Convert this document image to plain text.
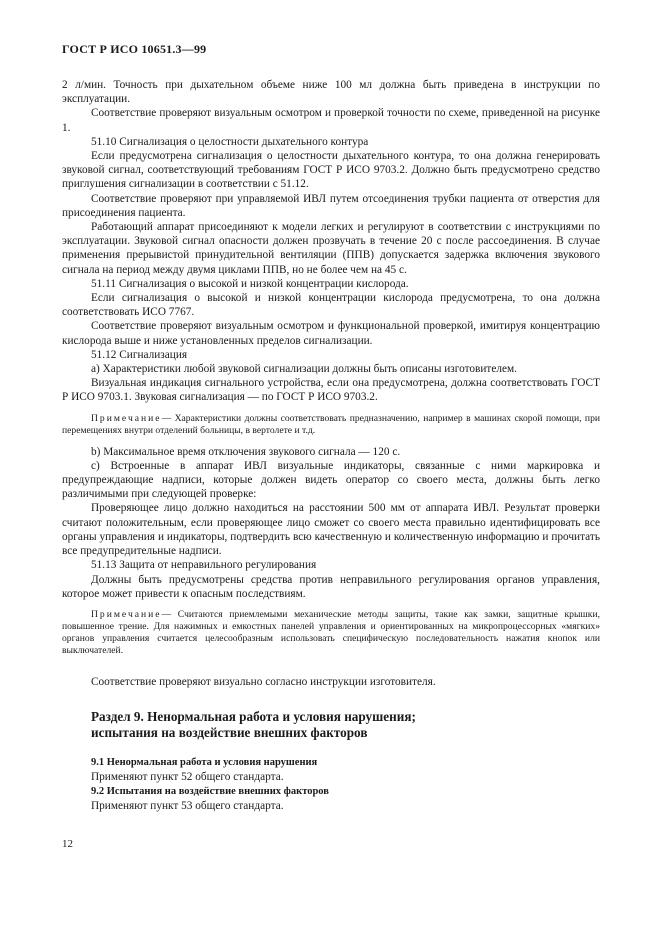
ГОСТ Р ИСО 10651.3—99

2 л/мин. Точность при дыхательном объеме ниже 100 мл должна быть приведена в инструкции по эксплуатации.

Соответствие проверяют визуальным осмотром и проверкой точности по схеме, приведенной на рисунке 1.

51.10 Сигнализация о целостности дыхательного контура

Если предусмотрена сигнализация о целостности дыхательного контура, то она должна генерировать звуковой сигнал, соответствующий требованиям ГОСТ Р ИСО 9703.2. Должно быть предусмотрено средство приглушения сигнализации в соответствии с 51.12.

Соответствие проверяют при управляемой ИВЛ путем отсоединения трубки пациента от отверстия для присоединения пациента.

Работающий аппарат присоединяют к модели легких и регулируют в соответствии с инструкциями по эксплуатации. Звуковой сигнал опасности должен прозвучать в течение 20 с после рассоединения. В случае применения прерывистой принудительной вентиляции (ППВ) допускается задержка включения звукового сигнала на период между двумя циклами ППВ, но не более чем на 45 с.

51.11 Сигнализация о высокой и низкой концентрации кислорода.

Если сигнализация о высокой и низкой концентрации кислорода предусмотрена, то она должна соответствовать ИСО 7767.

Соответствие проверяют визуальным осмотром и функциональной проверкой, имитируя концентрацию кислорода выше и ниже установленных пределов сигнализации.

51.12 Сигнализация

а) Характеристики любой звуковой сигнализации должны быть описаны изготовителем.

Визуальная индикация сигнального устройства, если она предусмотрена, должна соответствовать ГОСТ Р ИСО 9703.1. Звуковая сигнализация — по ГОСТ Р ИСО 9703.2.

Примечание— Характеристики должны соответствовать предназначению, например в машинах скорой помощи, при перемещениях внутри отделений больницы, в вертолете и т.д.

b) Максимальное время отключения звукового сигнала — 120 с.

с) Встроенные в аппарат ИВЛ визуальные индикаторы, связанные с ними маркировка и предупреждающие надписи, которые должен видеть оператор со своего места, должны быть легко различимыми при следующей проверке:

Проверяющее лицо должно находиться на расстоянии 500 мм от аппарата ИВЛ. Результат проверки считают положительным, если проверяющее лицо сможет со своего места правильно идентифицировать все органы управления и индикаторы, подтвердить всю качественную и количественную информацию и прочитать все предупредительные надписи.

51.13 Защита от неправильного регулирования

Должны быть предусмотрены средства против неправильного регулирования органов управления, которое может привести к опасным последствиям.

Примечание— Считаются приемлемыми механические методы защиты, такие как замки, защитные крышки, повышенное трение. Для нажимных и емкостных панелей управления и ориентированных на микропроцессорных «мягких» органов управления считается целесообразным использовать специфическую последовательность нажатия кнопок или выключателей.

Соответствие проверяют визуально согласно инструкции изготовителя.

Раздел 9. Ненормальная работа и условия нарушения;
испытания на воздействие внешних факторов

9.1 Ненормальная работа и условия нарушения

Применяют пункт 52 общего стандарта.

9.2 Испытания на воздействие внешних факторов

Применяют пункт 53 общего стандарта.

12
